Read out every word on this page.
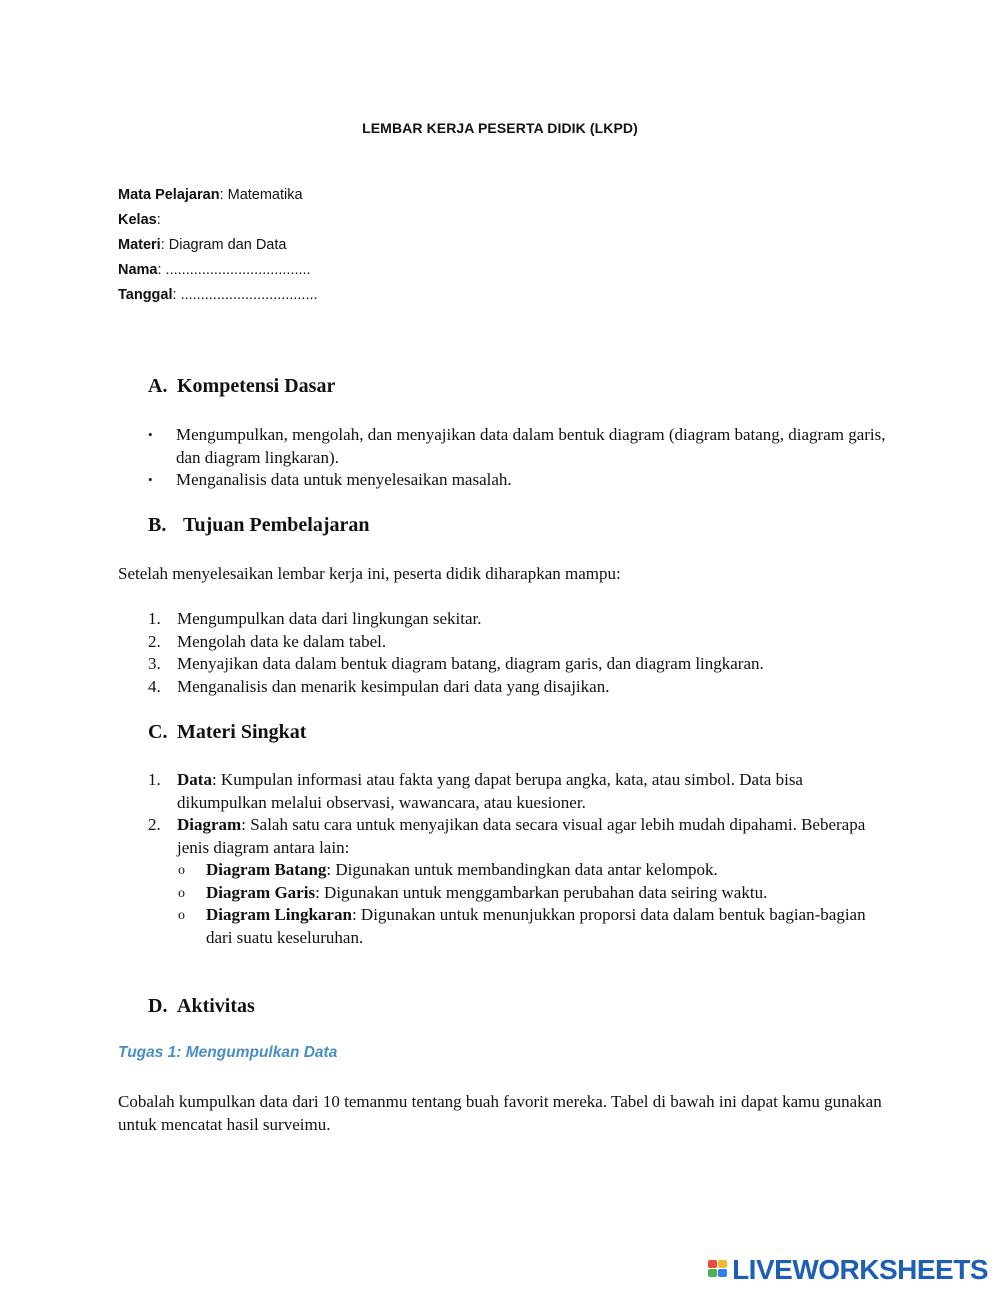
LEMBAR KERJA PESERTA DIDIK (LKPD)
Mata Pelajaran: Matematika
Kelas:
Materi: Diagram dan Data
Nama: ....................................
Tanggal: ..................................
A. Kompetensi Dasar
• Mengumpulkan, mengolah, dan menyajikan data dalam bentuk diagram (diagram batang, diagram garis, dan diagram lingkaran).
• Menganalisis data untuk menyelesaikan masalah.
B. Tujuan Pembelajaran
Setelah menyelesaikan lembar kerja ini, peserta didik diharapkan mampu:
1. Mengumpulkan data dari lingkungan sekitar.
2. Mengolah data ke dalam tabel.
3. Menyajikan data dalam bentuk diagram batang, diagram garis, dan diagram lingkaran.
4. Menganalisis dan menarik kesimpulan dari data yang disajikan.
C. Materi Singkat
1. Data: Kumpulan informasi atau fakta yang dapat berupa angka, kata, atau simbol. Data bisa dikumpulkan melalui observasi, wawancara, atau kuesioner.
2. Diagram: Salah satu cara untuk menyajikan data secara visual agar lebih mudah dipahami. Beberapa jenis diagram antara lain:
o Diagram Batang: Digunakan untuk membandingkan data antar kelompok.
o Diagram Garis: Digunakan untuk menggambarkan perubahan data seiring waktu.
o Diagram Lingkaran: Digunakan untuk menunjukkan proporsi data dalam bentuk bagian-bagian dari suatu keseluruhan.
D. Aktivitas
Tugas 1: Mengumpulkan Data
Cobalah kumpulkan data dari 10 temanmu tentang buah favorit mereka. Tabel di bawah ini dapat kamu gunakan untuk mencatat hasil surveimu.
LIVEWORKSHEETS
